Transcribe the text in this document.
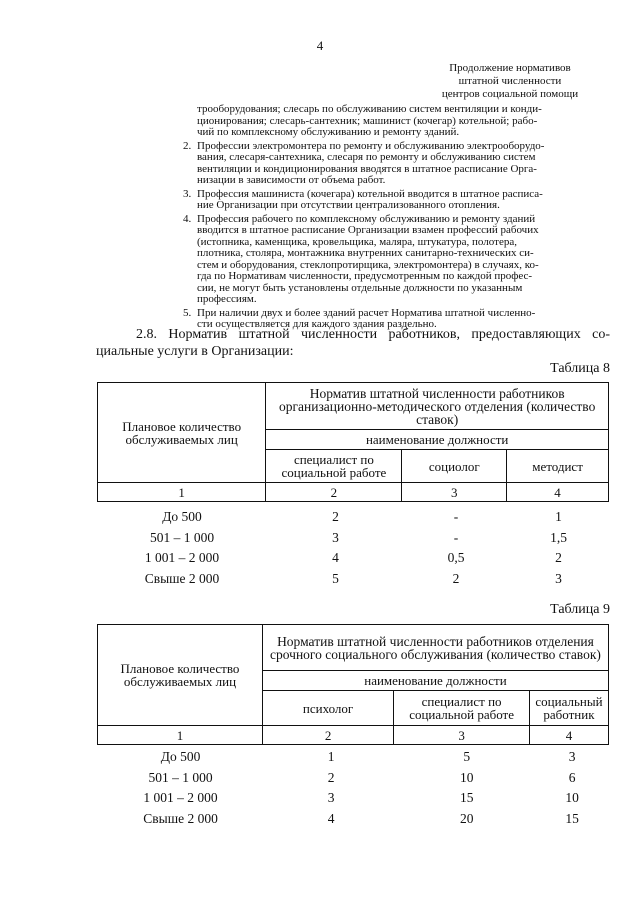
4
Продолжение нормативов
штатной численности
центров социальной помощи

трооборудования; слесарь по обслуживанию систем вентиляции и конди-

ционирования; слесарь-сантехник; машинист (кочегар) котельной; рабо-

чий по комплексному обслуживанию и ремонту зданий.

2. Профессии электромонтера по ремонту и обслуживанию электрооборудо-
вания, слесаря-сантехника, слесаря по ремонту и обслуживанию систем
вентиляции и кондиционирования вводятся в штатное расписание Орга-
низации в зависимости от объема работ.
3. Профессия машиниста (кочегара) котельной вводится в штатное расписа-
ние Организации при отсутствии централизованного отопления.
4. Профессия рабочего по комплексному обслуживанию и ремонту зданий
вводится в штатное расписание Организации взамен профессий рабочих
(истопника, каменщика, кровельщика, маляра, штукатура, полотера,
плотника, столяра, монтажника внутренних санитарно-технических си-
стем и оборудования, стеклопротирщика, электромонтера) в случаях, ко-
гда по Нормативам численности, предусмотренным по каждой профес-
сии, не могут быть установлены отдельные должности по указанным
профессиям.
5. При наличии двух и более зданий расчет Норматива штатной численно-
сти осуществляется для каждого здания раздельно.

2.8. Норматив штатной численности работников, предоставляющих со-циальные услуги в Организации:

Таблица 8
Плановое количество обслуживаемых лиц	Норматив штатной численности работников организационно-методического отделения (количество ставок)		
	наименование должности		
	специалист по социальной работе	социолог	методист
1	2	3	4
До 500	2	-	1
501 – 1 000	3	-	1,5
1 001 – 2 000	4	0,5	2
Свыше 2 000	5	2	3
Таблица 9
Плановое количество обслуживаемых лиц	Норматив штатной численности работников отделения срочного социального обслуживания (количество ставок)		
	наименование должности		
	психолог	специалист по социальной работе	социальный работник
1	2	3	4
До 500	1	5	3
501 – 1 000	2	10	6
1 001 – 2 000	3	15	10
Свыше 2 000	4	20	15
